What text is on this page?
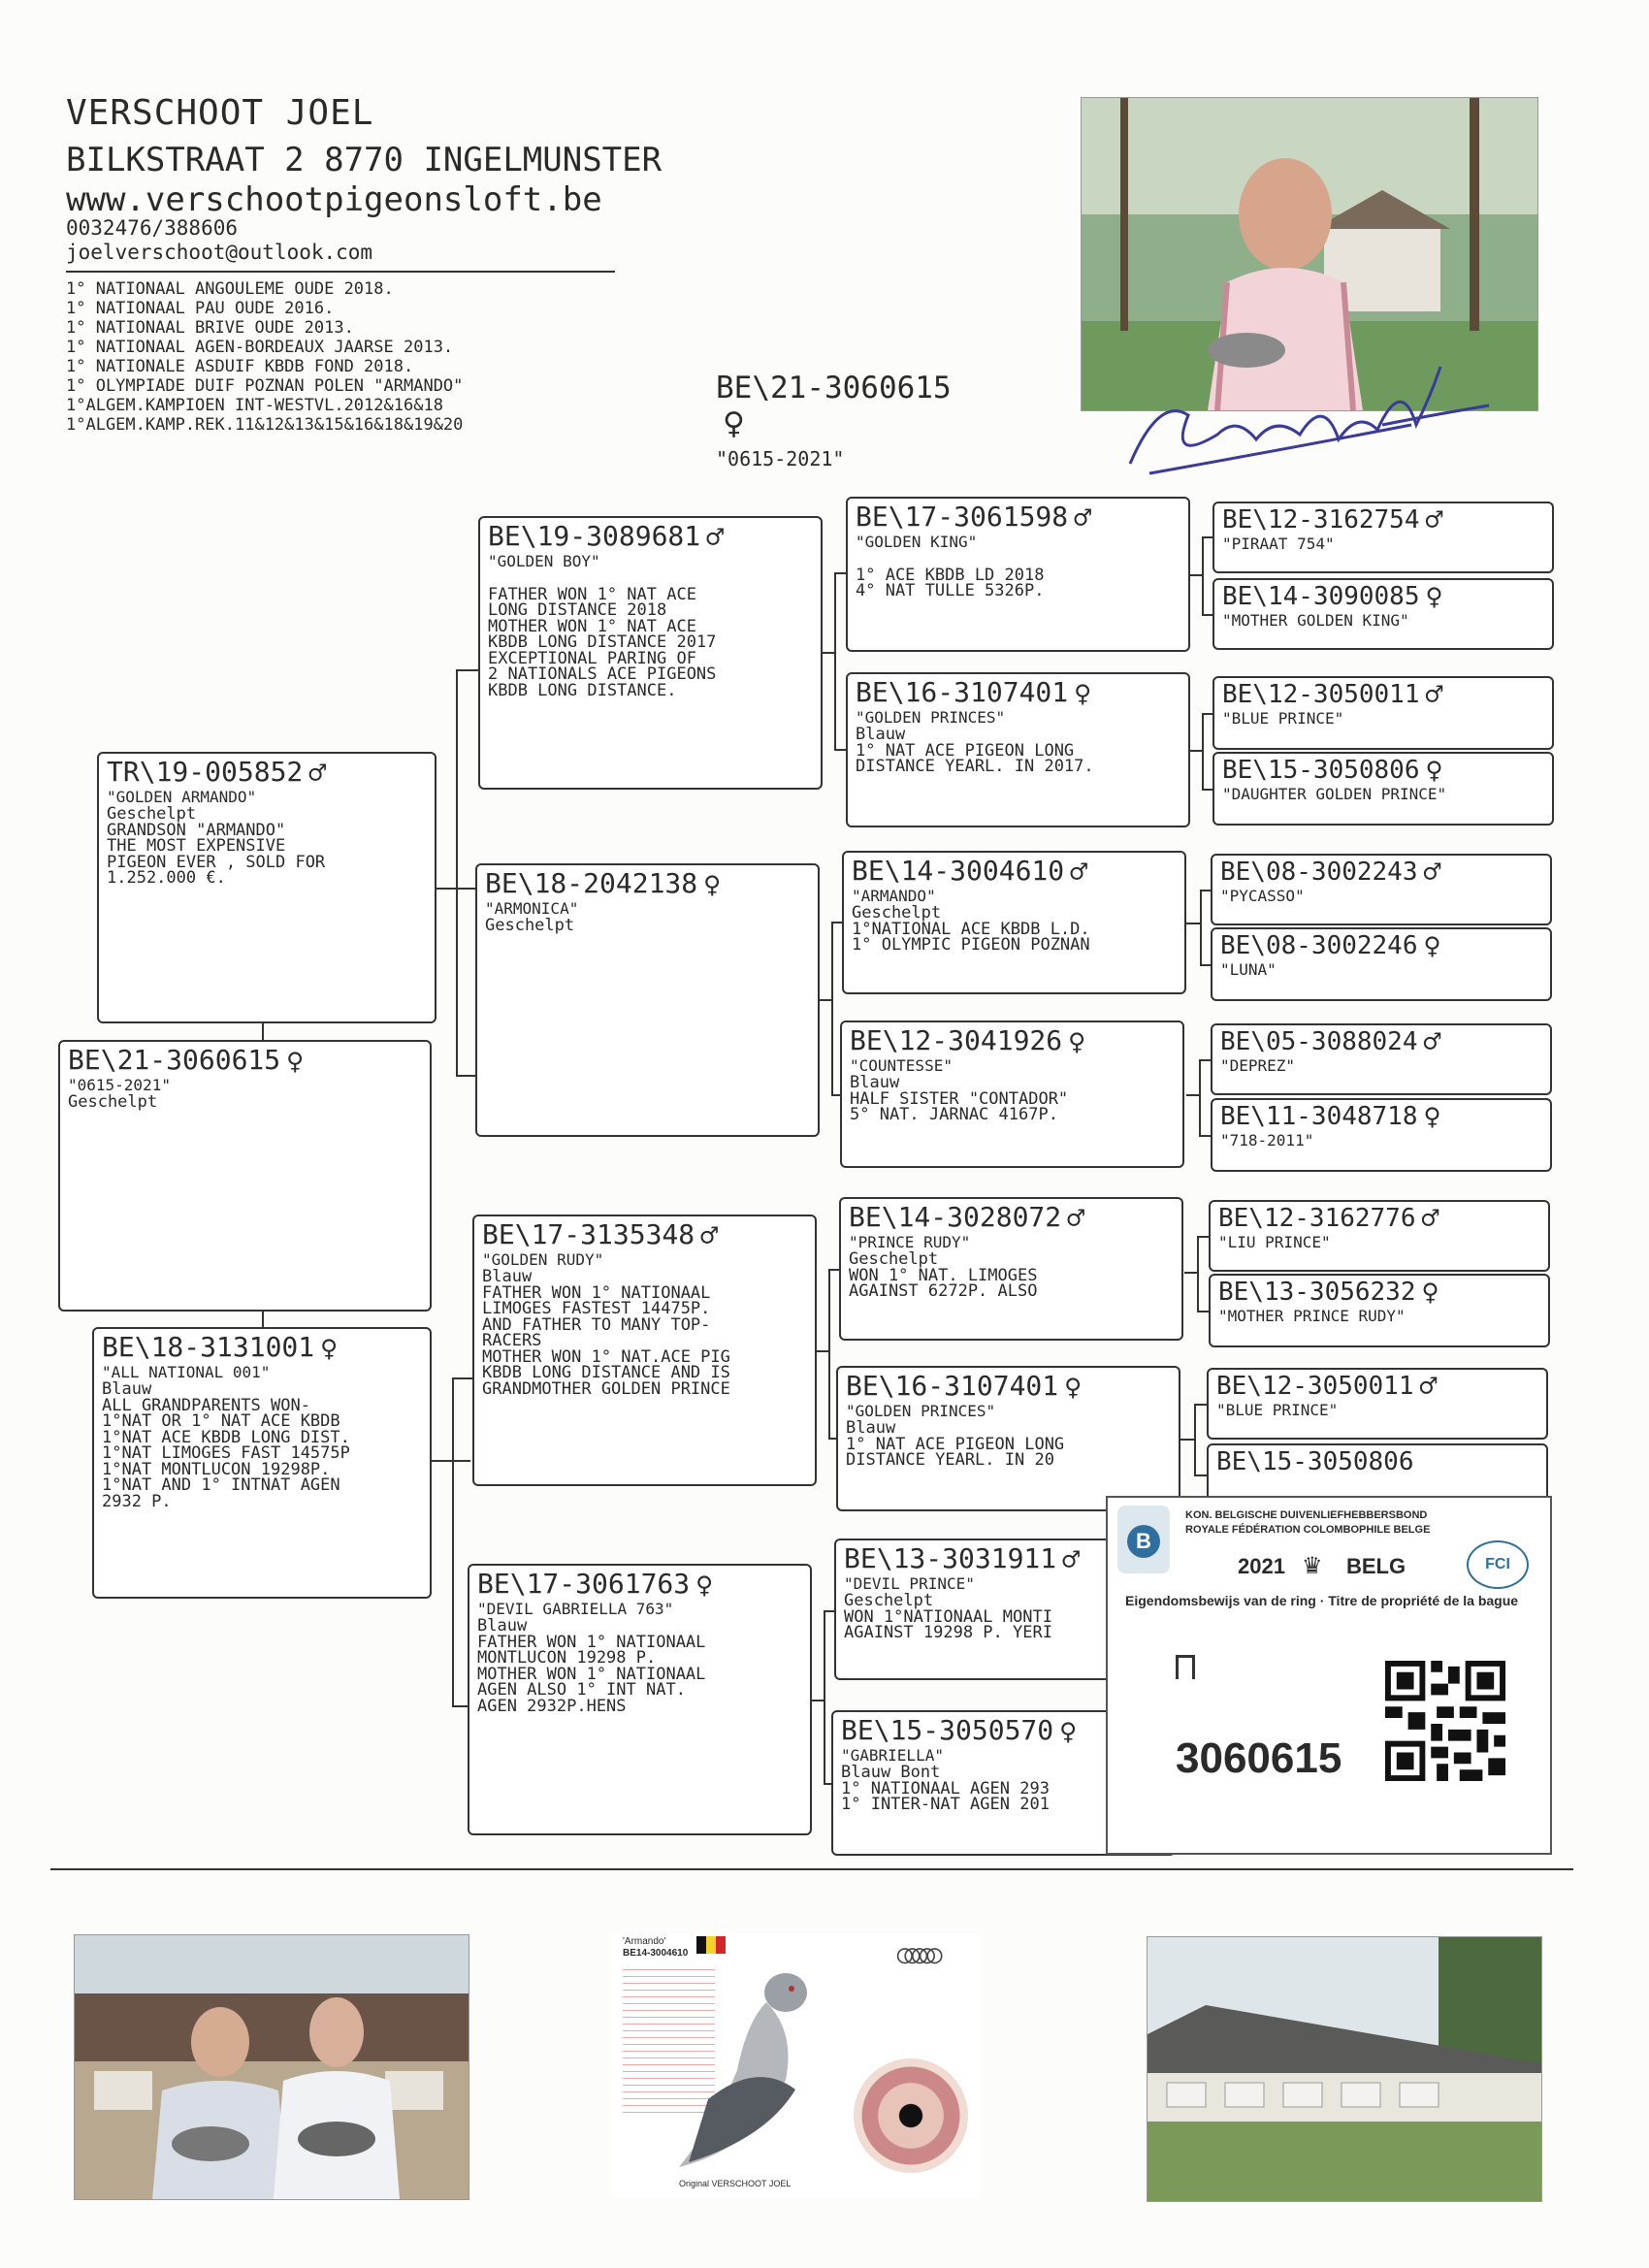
VERSCHOOT JOEL
BILKSTRAAT 2 8770 INGELMUNSTER
www.verschootpigeonsloft.be
0032476/388606
joelverschoot@outlook.com
1° NATIONAAL ANGOULEME OUDE 2018.
1° NATIONAAL PAU OUDE 2016.
1° NATIONAAL BRIVE OUDE 2013.
1° NATIONAAL AGEN-BORDEAUX JAARSE 2013.
1° NATIONALE ASDUIF KBDB FOND 2018.
1° OLYMPIADE DUIF POZNAN POLEN "ARMANDO"
1°ALGEM.KAMPIOEN INT-WESTVL.2012&16&18
1°ALGEM.KAMP.REK.11&12&13&15&16&18&19&20
BE\21-3060615
♀
"0615-2021"
BE\21-3060615 ♀
"0615-2021"
Geschelpt
TR\19-005852 ♂
"GOLDEN ARMANDO"
Geschelpt
GRANDSON "ARMANDO"
THE MOST EXPENSIVE
PIGEON EVER , SOLD FOR
1.252.000 €.
BE\18-3131001 ♀
"ALL NATIONAL 001"
Blauw
ALL GRANDPARENTS WON-
1°NAT OR 1° NAT ACE KBDB
1°NAT ACE KBDB LONG DIST.
1°NAT LIMOGES FAST 14575P
1°NAT MONTLUCON 19298P.
1°NAT AND 1° INTNAT AGEN
2932 P.
BE\19-3089681 ♂
"GOLDEN BOY"

FATHER WON 1° NAT ACE
LONG DISTANCE 2018
MOTHER WON 1° NAT ACE
KBDB LONG DISTANCE 2017
EXCEPTIONAL PARING OF
2 NATIONALS ACE PIGEONS
KBDB LONG DISTANCE.
BE\18-2042138 ♀
"ARMONICA"
Geschelpt
BE\17-3135348 ♂
"GOLDEN RUDY"
Blauw
FATHER WON 1° NATIONAAL
LIMOGES FASTEST 14475P.
AND FATHER TO MANY TOP-
RACERS
MOTHER WON 1° NAT.ACE PIG
KBDB LONG DISTANCE AND IS
GRANDMOTHER GOLDEN PRINCE
BE\17-3061763 ♀
"DEVIL GABRIELLA 763"
Blauw
FATHER WON 1° NATIONAAL
MONTLUCON 19298 P.
MOTHER WON 1° NATIONAAL
AGEN ALSO 1° INT NAT.
AGEN 2932P.HENS
BE\17-3061598 ♂
"GOLDEN KING"

1° ACE KBDB LD 2018
4° NAT TULLE 5326P.
BE\16-3107401 ♀
"GOLDEN PRINCES"
Blauw
1° NAT ACE PIGEON LONG
DISTANCE YEARL. IN 2017.
BE\14-3004610 ♂
"ARMANDO"
Geschelpt
1°NATIONAL ACE KBDB L.D.
1° OLYMPIC PIGEON POZNAN
BE\12-3041926 ♀
"COUNTESSE"
Blauw
HALF SISTER "CONTADOR"
5° NAT. JARNAC 4167P.
BE\14-3028072 ♂
"PRINCE RUDY"
Geschelpt
WON 1° NAT. LIMOGES
AGAINST 6272P. ALSO
BE\16-3107401 ♀
"GOLDEN PRINCES"
Blauw
1° NAT ACE PIGEON LONG
DISTANCE YEARL. IN 20
BE\13-3031911 ♂
"DEVIL PRINCE"
Geschelpt
WON 1°NATIONAAL MONTI
AGAINST 19298 P. YERI
BE\15-3050570 ♀
"GABRIELLA"
Blauw Bont
1° NATIONAAL AGEN 293
1° INTER-NAT AGEN 201
BE\12-3162754 ♂
"PIRAAT 754"
BE\14-3090085 ♀
"MOTHER GOLDEN KING"
BE\12-3050011 ♂
"BLUE PRINCE"
BE\15-3050806 ♀
"DAUGHTER GOLDEN PRINCE"
BE\08-3002243 ♂
"PYCASSO"
BE\08-3002246 ♀
"LUNA"
BE\05-3088024 ♂
"DEPREZ"
BE\11-3048718 ♀
"718-2011"
BE\12-3162776 ♂
"LIU PRINCE"
BE\13-3056232 ♀
"MOTHER PRINCE RUDY"
BE\12-3050011 ♂
"BLUE PRINCE"
BE\15-3050806
B
KON. BELGISCHE DUIVENLIEFHEBBERSBOND
ROYALE FÉDÉRATION COLOMBOPHILE BELGE
2021 ♛ BELG	FCI
Eigendomsbewijs van de ring · Titre de propriété de la bague
3060615
'Armando'
BE14-3004610	◯◯◯◯◯
Original VERSCHOOT JOEL
